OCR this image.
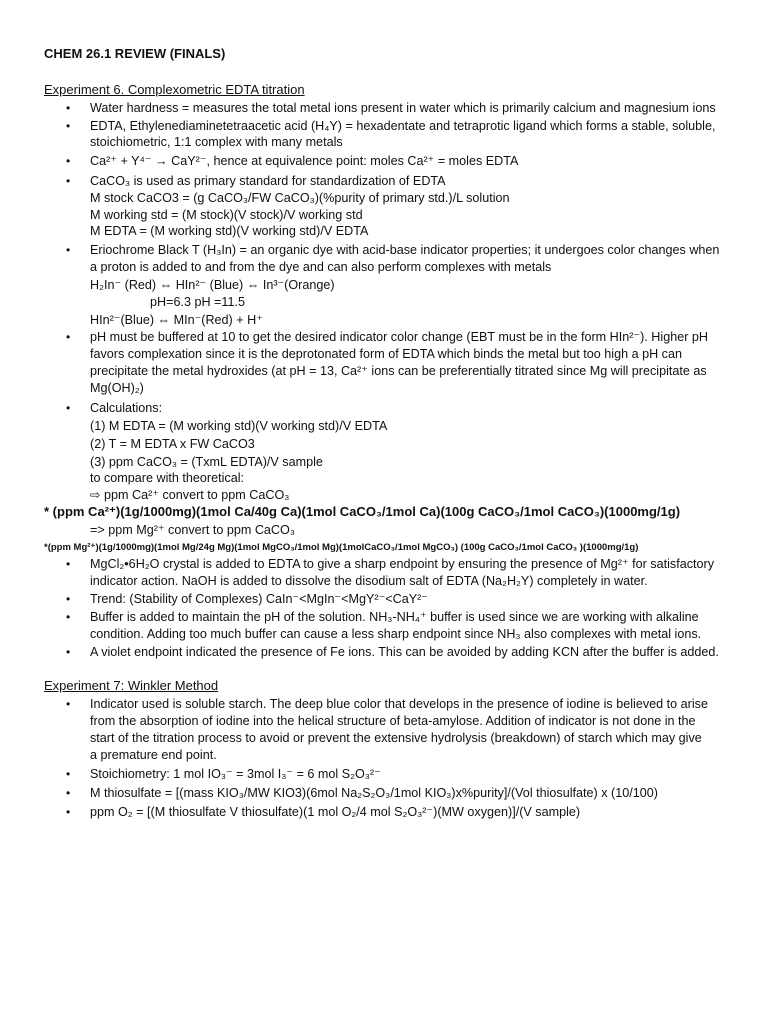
CHEM 26.1 REVIEW (FINALS)
Experiment 6. Complexometric EDTA titration
• Water hardness = measures the total metal ions present in water which is primarily calcium and magnesium ions
• EDTA, Ethylenediaminetetraacetic acid (H₄Y) = hexadentate and tetraprotic ligand which forms a stable, soluble,
stoichiometric, 1:1 complex with many metals
• Ca²⁺ + Y⁴⁻ → CaY²⁻, hence at equivalence point: moles Ca²⁺ = moles EDTA
• CaCO₃ is used as primary standard for standardization of EDTA
M stock CaCO3 = (g CaCO₃/FW CaCO₃)(%purity of primary std.)/L solution
M working std = (M stock)(V stock)/V working std
M EDTA = (M working std)(V working std)/V EDTA
• Eriochrome Black T (H₃In) = an organic dye with acid-base indicator properties; it undergoes color changes when
a proton is added to and from the dye and can also perform complexes with metals
H₂In⁻ (Red) ⇔ HIn²⁻ (Blue) ⇔ In³⁻(Orange)
pH=6.3 pH =11.5
HIn²⁻(Blue) ⇔ MIn⁻(Red) + H⁺
• pH must be buffered at 10 to get the desired indicator color change (EBT must be in the form HIn²⁻). Higher pH
favors complexation since it is the deprotonated form of EDTA which binds the metal but too high a pH can
precipitate the metal hydroxides (at pH = 13, Ca²⁺ ions can be preferentially titrated since Mg will precipitate as
Mg(OH)₂)
• Calculations:
(1) M EDTA = (M working std)(V working std)/V EDTA
(2) T = M EDTA x FW CaCO3
(3) ppm CaCO₃ = (TxmL EDTA)/V sample
to compare with theoretical:
⇨ ppm Ca²⁺ convert to ppm CaCO₃
* (ppm Ca²⁺)(1g/1000mg)(1mol Ca/40g Ca)(1mol CaCO₃/1mol Ca)(100g CaCO₃/1mol CaCO₃)(1000mg/1g)
=> ppm Mg²⁺ convert to ppm CaCO₃
*(ppm Mg²⁺)(1g/1000mg)(1mol Mg/24g Mg)(1mol MgCO₃/1mol Mg)(1molCaCO₃/1mol MgCO₃) (100g CaCO₃/1mol CaCO₃ )(1000mg/1g)
• MgCl₂•6H₂O crystal is added to EDTA to give a sharp endpoint by ensuring the presence of Mg²⁺ for satisfactory
indicator action. NaOH is added to dissolve the disodium salt of EDTA (Na₂H₂Y) completely in water.
• Trend: (Stability of Complexes) CaIn⁻<MgIn⁻<MgY²⁻<CaY²⁻
• Buffer is added to maintain the pH of the solution. NH₃-NH₄⁺ buffer is used since we are working with alkaline
condition. Adding too much buffer can cause a less sharp endpoint since NH₃ also complexes with metal ions.
• A violet endpoint indicated the presence of Fe ions. This can be avoided by adding KCN after the buffer is added.
Experiment 7: Winkler Method
• Indicator used is soluble starch. The deep blue color that develops in the presence of iodine is believed to arise
from the absorption of iodine into the helical structure of beta-amylose. Addition of indicator is not done in the
start of the titration process to avoid or prevent the extensive hydrolysis (breakdown) of starch which may give
a premature end point.
• Stoichiometry: 1 mol IO₃⁻ = 3mol I₃⁻ = 6 mol S₂O₃²⁻
• M thiosulfate = [(mass KIO₃/MW KIO3)(6mol Na₂S₂O₃/1mol KIO₃)x%purity]/(Vol thiosulfate) x (10/100)
• ppm O₂ = [(M thiosulfate V thiosulfate)(1 mol O₂/4 mol S₂O₃²⁻)(MW oxygen)]/(V sample)
